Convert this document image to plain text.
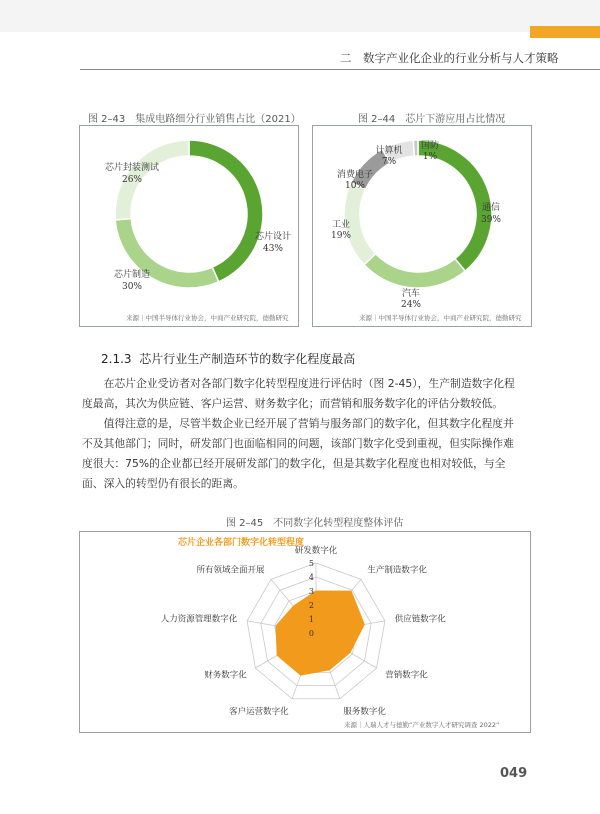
二　数字产业化企业的行业分析与人才策略
图 2–43　集成电路细分行业销售占比（2021）
芯片设计
43%
芯片制造
30%
芯片封装测试
26%
来源｜中国半导体行业协会，中商产业研究院，德勤研究
图 2–44　芯片下游应用占比情况
通信
39%
汽车
24%
工业
19%
消费电子
10%
计算机
7%
国防
1%
来源｜中国半导体行业协会，中商产业研究院，德勤研究
2.1.3 芯片行业生产制造环节的数字化程度最高

在芯片企业受访者对各部门数字化转型程度进行评估时（图 2-45），生产制造数字化程度最高，其次为供应链、客户运营、财务数字化；而营销和服务数字化的评估分数较低。

值得注意的是，尽管半数企业已经开展了营销与服务部门的数字化，但其数字化程度并不及其他部门；同时，研发部门也面临相同的问题，该部门数字化受到重视，但实际操作难度很大：75%的企业都已经开展研发部门的数字化，但是其数字化程度也相对较低，与全面、深入的转型仍有很长的距离。

图 2–45　不同数字化转型程度整体评估
芯片企业各部门数字化转型程度
0
1
2
3
4
5
研发数字化
生产制造数字化
供应链数字化
营销数字化
服务数字化
客户运营数字化
财务数字化
人力资源管理数字化
所有领域全面开展
来源｜人瑞人才与德勤“产业数字人才研究调查 2022”
049
